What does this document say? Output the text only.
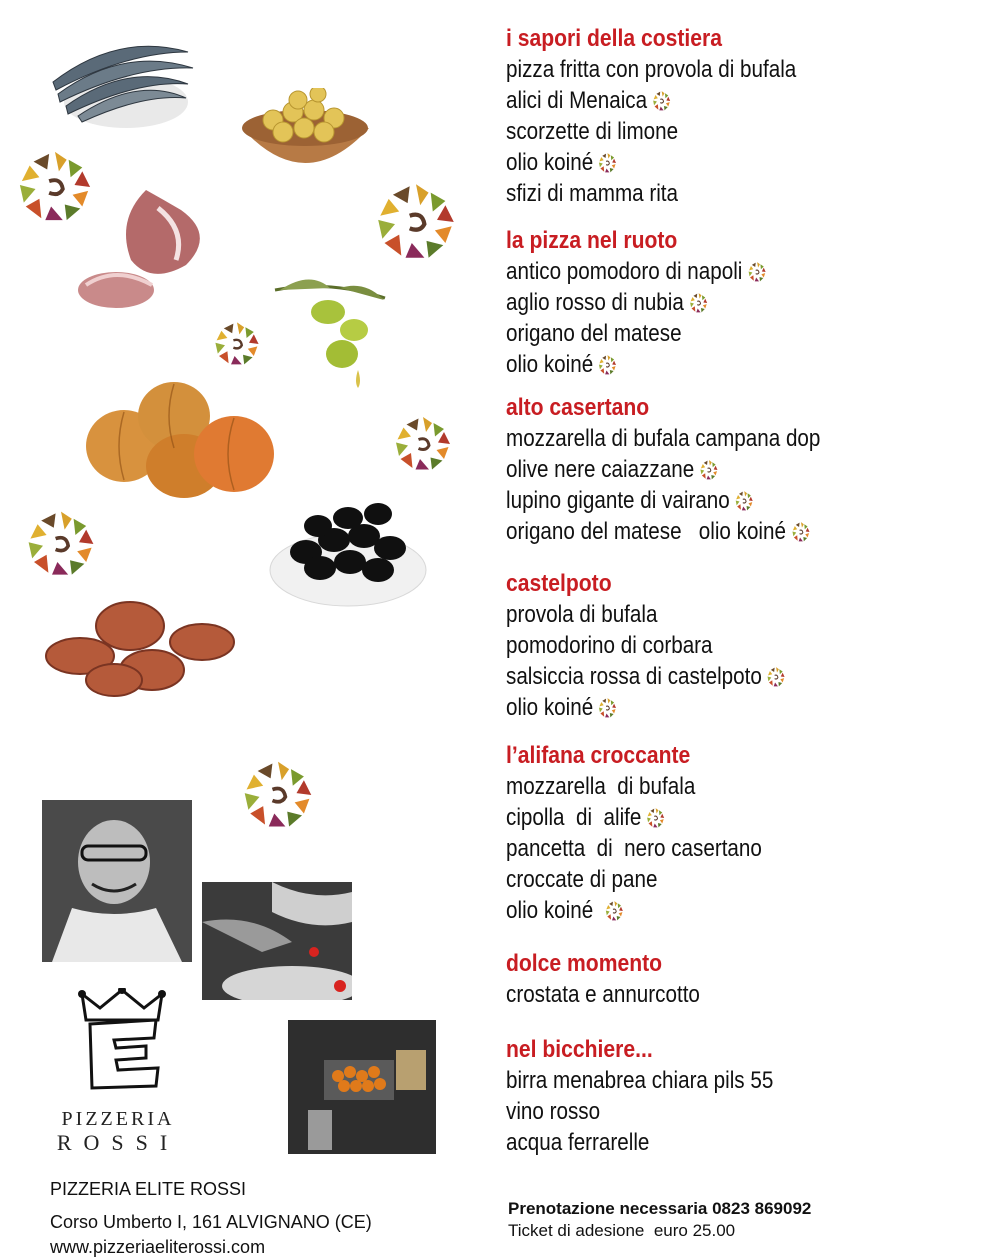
PIZZERIA
ROSSI
PIZZERIA ELITE ROSSI
Corso Umberto I, 161 ALVIGNANO (CE)
www.pizzeriaeliterossi.com
i sapori della costiera
pizza fritta con provola di bufala
alici di Menaica
scorzette di limone
olio koiné
sfizi di mamma rita
la pizza nel ruoto
antico pomodoro di napoli
aglio rosso di nubia
origano del matese
olio koiné
alto casertano
mozzarella di bufala campana dop
olive nere caiazzane
lupino gigante di vairano
origano del matese   olio koiné
castelpoto
provola di bufala
pomodorino di corbara
salsiccia rossa di castelpoto
olio koiné
l’alifana croccante
mozzarella  di bufala
cipolla  di  alife
pancetta  di  nero casertano
croccate di pane
olio koiné
dolce momento
crostata e annurcotto
nel bicchiere...
birra menabrea chiara pils 55
vino rosso
acqua ferrarelle
Prenotazione necessaria 0823 869092
Ticket di adesione  euro 25.00
